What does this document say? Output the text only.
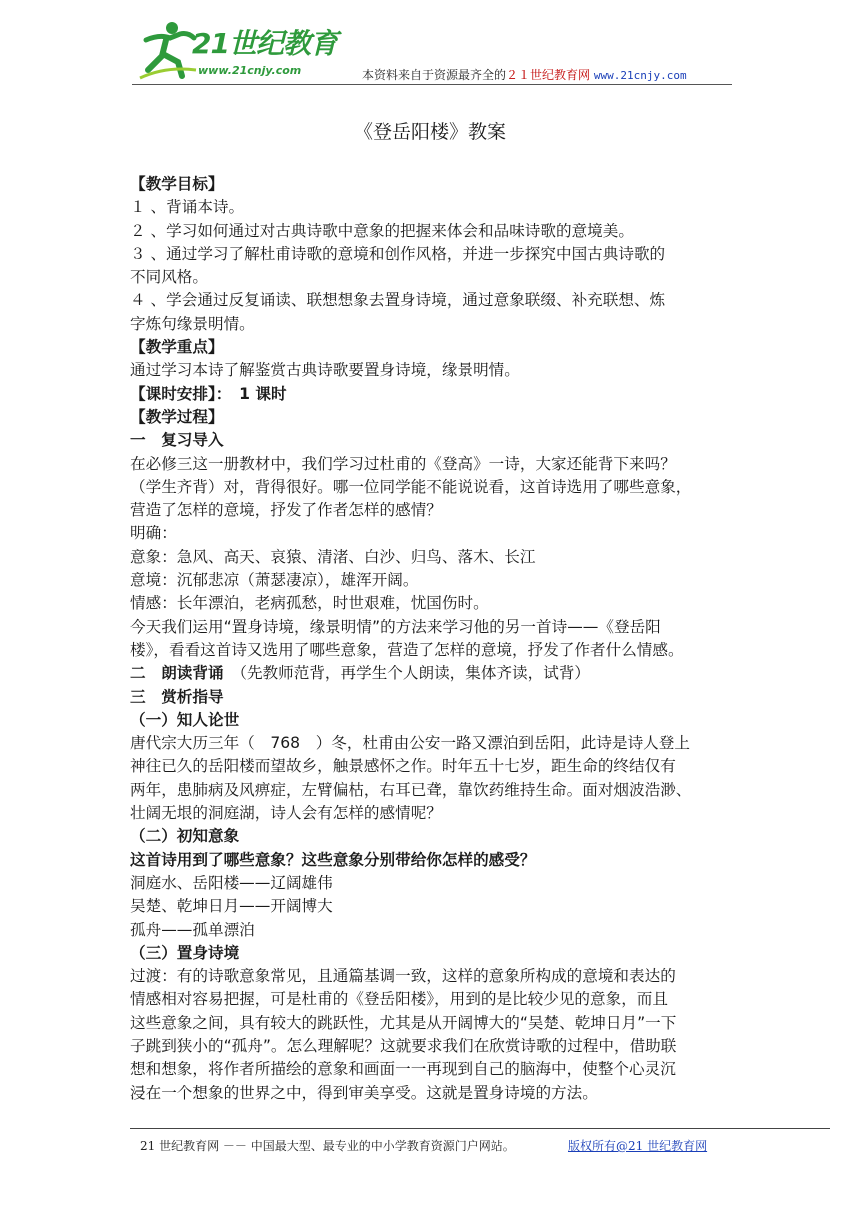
21世纪教育
www.21cnjy.com	本资料来自于资源最齐全的２１世纪教育网 www.21cnjy.com
《登岳阳楼》教案
【教学目标】
１ 、背诵本诗。
２ 、学习如何通过对古典诗歌中意象的把握来体会和品味诗歌的意境美。
３ 、通过学习了解杜甫诗歌的意境和创作风格，并进一步探究中国古典诗歌的
不同风格。
４ 、学会通过反复诵读、联想想象去置身诗境，通过意象联缀、补充联想、炼
字炼句缘景明情。
【教学重点】
通过学习本诗了解鉴赏古典诗歌要置身诗境，缘景明情。
【课时安排】：　1 课时
【教学过程】
一　复习导入
在必修三这一册教材中，我们学习过杜甫的《登高》一诗，大家还能背下来吗？
（学生齐背）对，背得很好。哪一位同学能不能说说看，这首诗选用了哪些意象，
营造了怎样的意境，抒发了作者怎样的感情？
明确：
意象：急风、高天、哀猿、清渚、白沙、归鸟、落木、长江
意境：沉郁悲凉（萧瑟凄凉），雄浑开阔。
情感：长年漂泊，老病孤愁，时世艰难，忧国伤时。
今天我们运用“置身诗境，缘景明情”的方法来学习他的另一首诗——《登岳阳
楼》，看看这首诗又选用了哪些意象，营造了怎样的意境，抒发了作者什么情感。
二　朗读背诵　（先教师范背，再学生个人朗读，集体齐读，试背）
三　赏析指导
（一）知人论世
唐代宗大历三年（　768　）冬，杜甫由公安一路又漂泊到岳阳，此诗是诗人登上
神往已久的岳阳楼而望故乡，触景感怀之作。时年五十七岁，距生命的终结仅有
两年，患肺病及风痹症，左臂偏枯，右耳已聋，靠饮药维持生命。面对烟波浩渺、
壮阔无垠的洞庭湖，诗人会有怎样的感情呢？
（二）初知意象
这首诗用到了哪些意象？这些意象分别带给你怎样的感受？
洞庭水、岳阳楼——辽阔雄伟
吴楚、乾坤日月——开阔博大
孤舟——孤单漂泊
（三）置身诗境
过渡：有的诗歌意象常见，且通篇基调一致，这样的意象所构成的意境和表达的
情感相对容易把握，可是杜甫的《登岳阳楼》，用到的是比较少见的意象，而且
这些意象之间，具有较大的跳跃性，尤其是从开阔博大的“吴楚、乾坤日月”一下
子跳到狭小的“孤舟”。怎么理解呢？这就要求我们在欣赏诗歌的过程中，借助联
想和想象，将作者所描绘的意象和画面一一再现到自己的脑海中，使整个心灵沉
浸在一个想象的世界之中，得到审美享受。这就是置身诗境的方法。
21 世纪教育网 －－ 中国最大型、最专业的中小学教育资源门户网站。	版权所有@21 世纪教育网
